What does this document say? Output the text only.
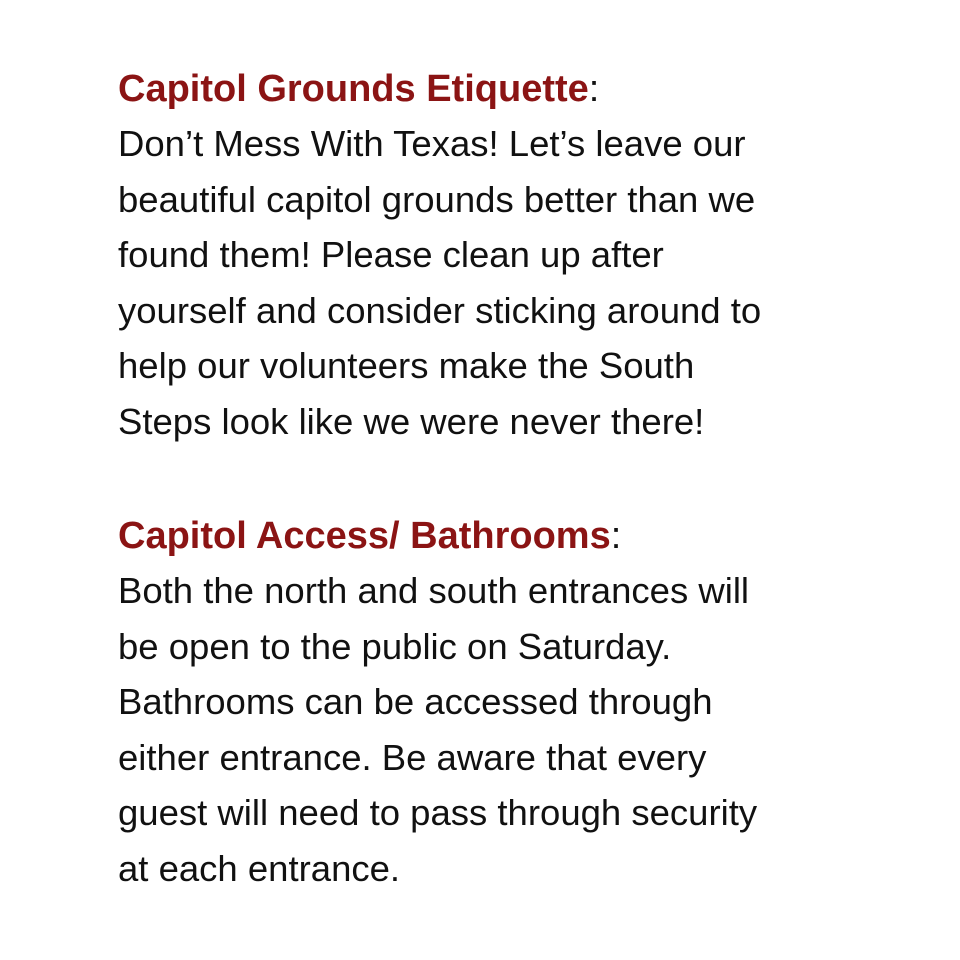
Capitol Grounds Etiquette:

Don’t Mess With Texas! Let’s leave our

beautiful capitol grounds better than we

found them! Please clean up after

yourself and consider sticking around to

help our volunteers make the South

Steps look like we were never there!

Capitol Access/ Bathrooms:

Both the north and south entrances will

be open to the public on Saturday.

Bathrooms can be accessed through

either entrance. Be aware that every

guest will need to pass through security

at each entrance.
